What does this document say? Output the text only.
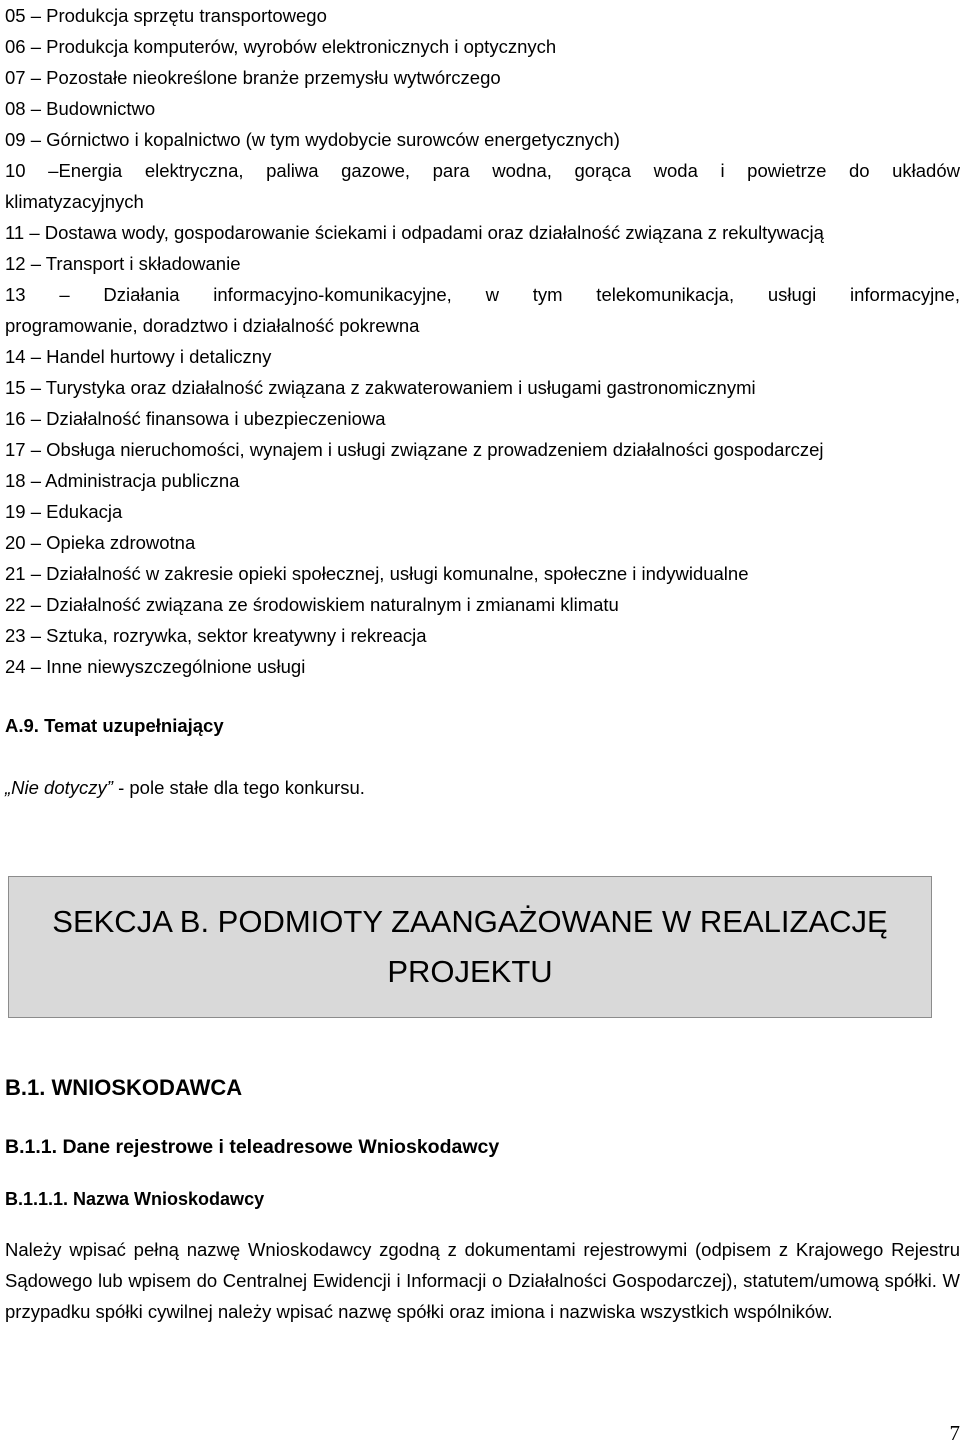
05 – Produkcja sprzętu transportowego
06 – Produkcja komputerów, wyrobów elektronicznych i optycznych
07 – Pozostałe nieokreślone branże przemysłu wytwórczego
08 – Budownictwo
09 – Górnictwo i kopalnictwo (w tym wydobycie surowców energetycznych)
10 –Energia elektryczna, paliwa gazowe, para wodna, gorąca woda i powietrze do układów
klimatyzacyjnych
11 – Dostawa wody, gospodarowanie ściekami i odpadami oraz działalność związana z rekultywacją
12 – Transport i składowanie
13 – Działania informacyjno-komunikacyjne, w tym telekomunikacja, usługi informacyjne,
programowanie, doradztwo i działalność pokrewna
14 – Handel hurtowy i detaliczny
15 – Turystyka oraz działalność związana z zakwaterowaniem i usługami gastronomicznymi
16 – Działalność finansowa i ubezpieczeniowa
17 – Obsługa nieruchomości, wynajem i usługi związane z prowadzeniem działalności gospodarczej
18 – Administracja publiczna
19 – Edukacja
20 – Opieka zdrowotna
21 – Działalność w zakresie opieki społecznej, usługi komunalne, społeczne i indywidualne
22 – Działalność związana ze środowiskiem naturalnym i zmianami klimatu
23 – Sztuka, rozrywka, sektor kreatywny i rekreacja
24 – Inne niewyszczególnione usługi
A.9. Temat uzupełniający
„Nie dotyczy” - pole stałe dla tego konkursu.
SEKCJA B. PODMIOTY ZAANGAŻOWANE W REALIZACJĘ
PROJEKTU
B.1. WNIOSKODAWCA
B.1.1. Dane rejestrowe i teleadresowe Wnioskodawcy
B.1.1.1. Nazwa Wnioskodawcy

Należy wpisać pełną nazwę Wnioskodawcy zgodną z dokumentami rejestrowymi (odpisem z Krajowego Rejestru Sądowego lub wpisem do Centralnej Ewidencji i Informacji o Działalności Gospodarczej), statutem/umową spółki. W przypadku spółki cywilnej należy wpisać nazwę spółki oraz imiona i nazwiska wszystkich wspólników.

7
